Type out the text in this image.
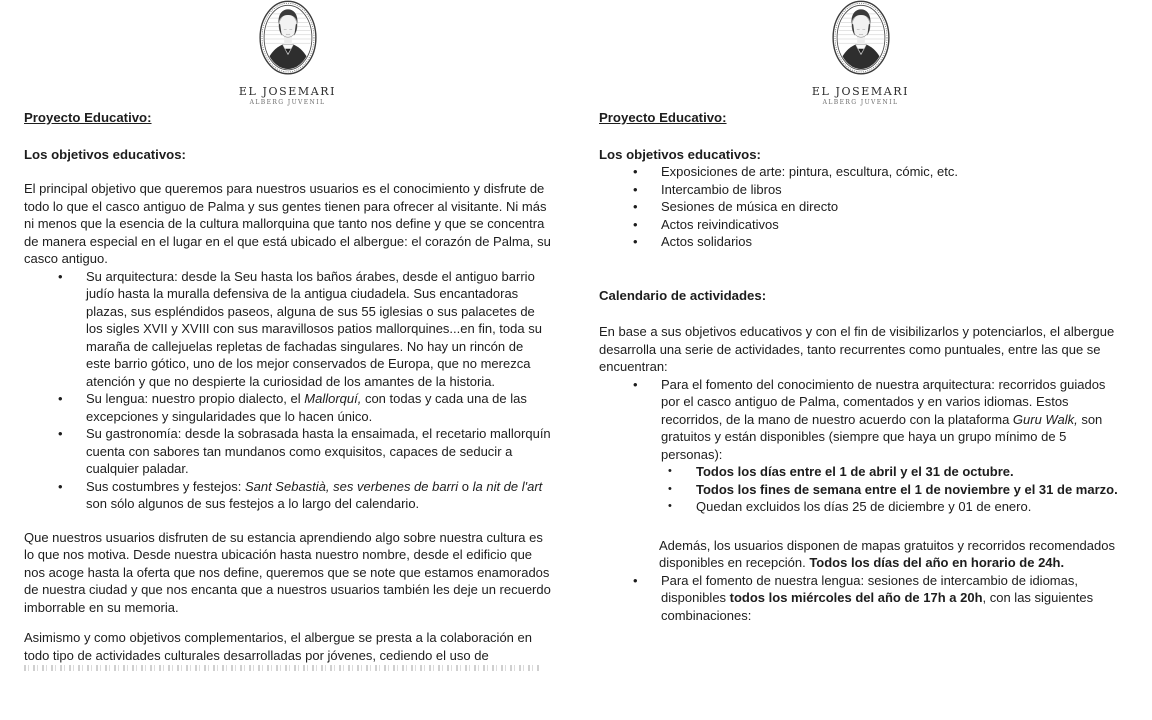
EL JOSEMARI
ALBERG JUVENIL
Proyecto Educativo:
Los objetivos educativos:

El principal objetivo que queremos para nuestros usuarios es el conocimiento y disfrute de todo lo que el casco antiguo de Palma y sus gentes tienen para ofrecer al visitante. Ni más ni menos que la esencia de la cultura mallorquina que tanto nos define y que se concentra de manera especial en el lugar en el que está ubicado el albergue: el corazón de Palma, su casco antiguo.

•	Su arquitectura: desde la Seu hasta los baños árabes, desde el antiguo barrio judío hasta la muralla defensiva de la antigua ciudadela. Sus encantadoras plazas, sus espléndidos paseos, alguna de sus 55 iglesias o sus palacetes de los sigles XVII y XVIII con sus maravillosos patios mallorquines...en fin, toda su maraña de callejuelas repletas de fachadas singulares. No hay un rincón de este barrio gótico, uno de los mejor conservados de Europa, que no merezca atención y que no despierte la curiosidad de los amantes de la historia.
•	Su lengua: nuestro propio dialecto, el Mallorquí, con todas y cada una de las excepciones y singularidades que lo hacen único.
•	Su gastronomía: desde la sobrasada hasta la ensaimada, el recetario mallorquín cuenta con sabores tan mundanos como exquisitos, capaces de seducir a cualquier paladar.
•	Sus costumbres y festejos: Sant Sebastià, ses verbenes de barri o la nit de l'art son sólo algunos de sus festejos a lo largo del calendario.

Que nuestros usuarios disfruten de su estancia aprendiendo algo sobre nuestra cultura es lo que nos motiva. Desde nuestra ubicación hasta nuestro nombre, desde el edificio que nos acoge hasta la oferta que nos define, queremos que se note que estamos enamorados de nuestra ciudad y que nos encanta que a nuestros usuarios también les deje un recuerdo imborrable en su memoria.

Asimismo y como objetivos complementarios, el albergue se presta a la colaboración en todo tipo de actividades culturales desarrolladas por jóvenes, cediendo el uso de

EL JOSEMARI
ALBERG JUVENIL
Proyecto Educativo:
Los objetivos educativos:
•	Exposiciones de arte: pintura, escultura, cómic, etc.
•	Intercambio de libros
•	Sesiones de música en directo
•	Actos reivindicativos
•	Actos solidarios
Calendario de actividades:

En base a sus objetivos educativos y con el fin de visibilizarlos y potenciarlos, el albergue desarrolla una serie de actividades, tanto recurrentes como puntuales, entre las que se encuentran:

•	Para el fomento del conocimiento de nuestra arquitectura: recorridos guiados por el casco antiguo de Palma, comentados y en varios idiomas. Estos recorridos, de la mano de nuestro acuerdo con la plataforma Guru Walk, son gratuitos y están disponibles (siempre que haya un grupo mínimo de 5 personas):
•	Todos los días entre el 1 de abril y el 31 de octubre.
•	Todos los fines de semana entre el 1 de noviembre y el 31 de marzo.
•	Quedan excluidos los días 25 de diciembre y 01 de enero.

Además, los usuarios disponen de mapas gratuitos y recorridos recomendados disponibles en recepción. Todos los días del año en horario de 24h.

•	Para el fomento de nuestra lengua: sesiones de intercambio de idiomas, disponibles todos los miércoles del año de 17h a 20h, con las siguientes combinaciones:
